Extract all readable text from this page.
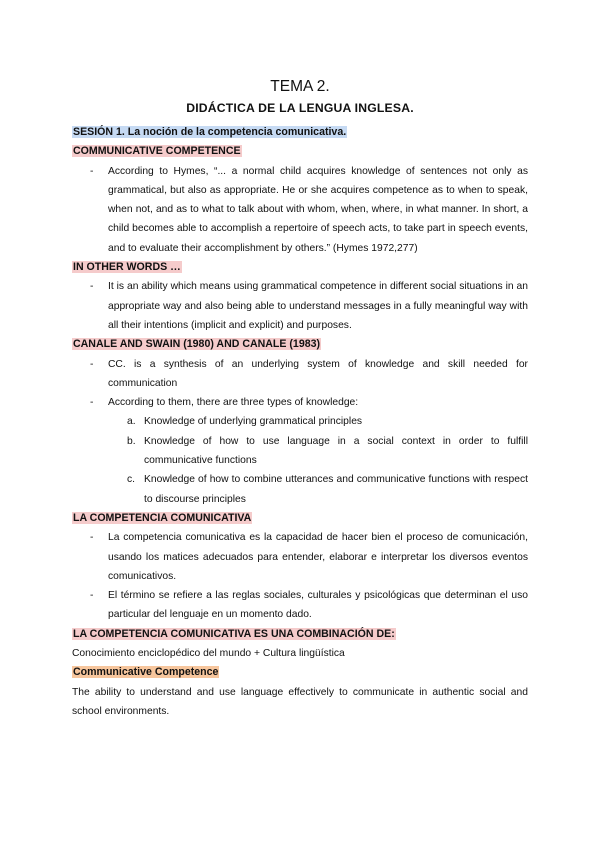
TEMA 2.
DIDÁCTICA DE LA LENGUA INGLESA.
SESIÓN 1. La noción de la competencia comunicativa.
COMMUNICATIVE COMPETENCE
- According to Hymes, “... a normal child acquires knowledge of sentences not only as grammatical, but also as appropriate. He or she acquires competence as to when to speak, when not, and as to what to talk about with whom, when, where, in what manner. In short, a child becomes able to accomplish a repertoire of speech acts, to take part in speech events, and to evaluate their accomplishment by others.” (Hymes 1972,277)
IN OTHER WORDS …
- It is an ability which means using grammatical competence in different social situations in an appropriate way and also being able to understand messages in a fully meaningful way with all their intentions (implicit and explicit) and purposes.
CANALE AND SWAIN (1980) AND CANALE (1983)
- CC. is a synthesis of an underlying system of knowledge and skill needed for communication
- According to them, there are three types of knowledge:
a. Knowledge of underlying grammatical principles
b. Knowledge of how to use language in a social context in order to fulfill communicative functions
c. Knowledge of how to combine utterances and communicative functions with respect to discourse principles
LA COMPETENCIA COMUNICATIVA
- La competencia comunicativa es la capacidad de hacer bien el proceso de comunicación, usando los matices adecuados para entender, elaborar e interpretar los diversos eventos comunicativos.
- El término se refiere a las reglas sociales, culturales y psicológicas que determinan el uso particular del lenguaje en un momento dado.
LA COMPETENCIA COMUNICATIVA ES UNA COMBINACIÓN DE:

Conocimiento enciclopédico del mundo + Cultura lingüística

Communicative Competence

The ability to understand and use language effectively to communicate in authentic social and school environments.
